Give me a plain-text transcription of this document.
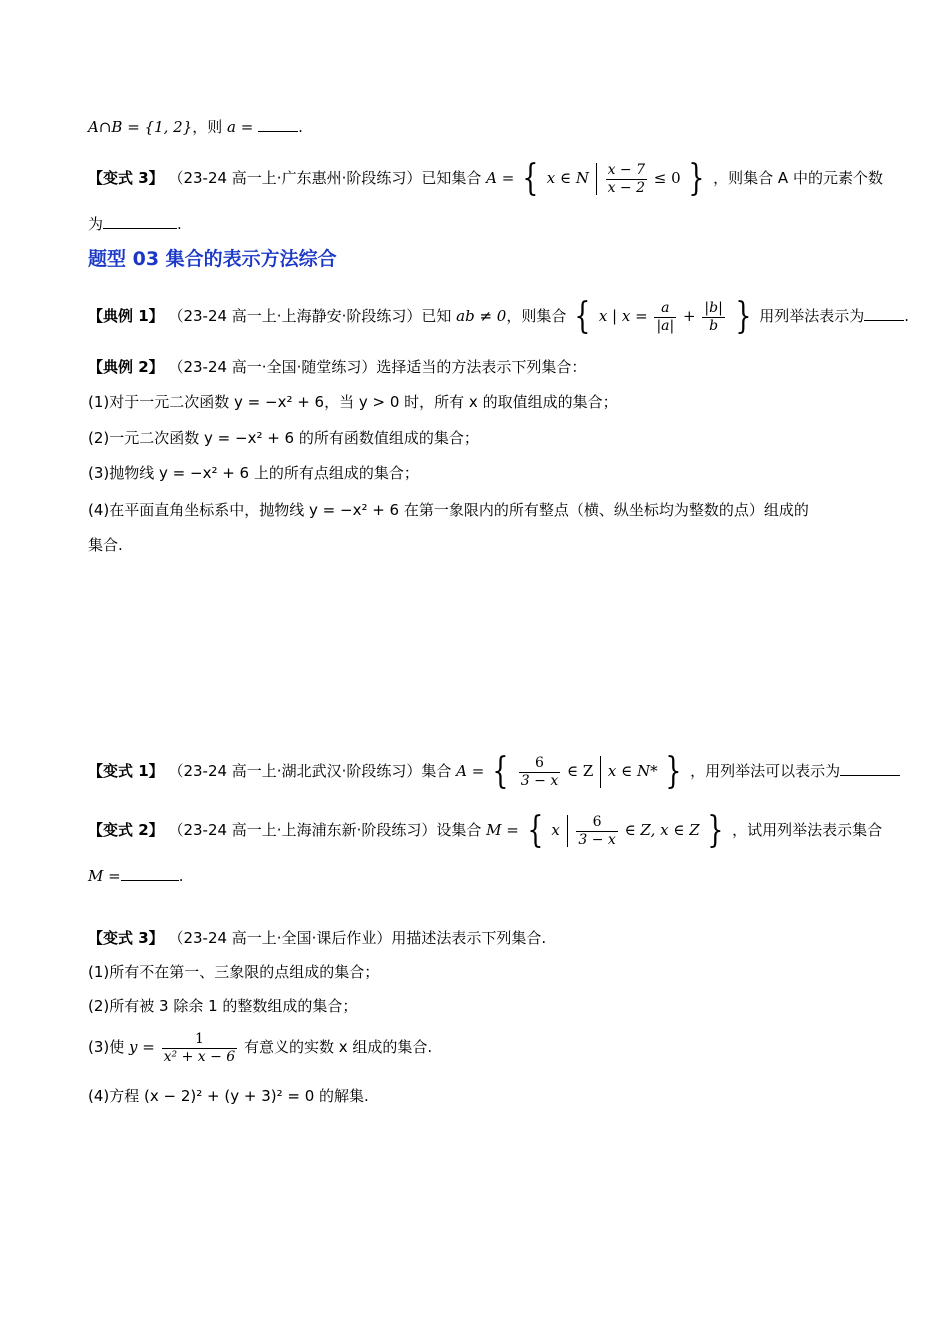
A∩B = {1, 2}，则 a =	.
【变式 3】 （23-24 高一上·广东惠州·阶段练习）已知集合 A = { x ∈ N $\frac{x - 7}{x - 2} \le 0$ } ，则集合 A 中的元素个数
为	.
题型 03 集合的表示方法综合
【典例 1】 （23-24 高一上·上海静安·阶段练习）已知 ab ≠ 0，则集合 { x | $x = \frac{a}{|a|} + \frac{|b|}{b}$ } 用列举法表示为	.
【典例 2】 （23-24 高一·全国·随堂练习）选择适当的方法表示下列集合：
(1)对于一元二次函数 y = −x² + 6，当 y > 0 时，所有 x 的取值组成的集合；
(2)一元二次函数 y = −x² + 6 的所有函数值组成的集合；
(3)抛物线 y = −x² + 6 上的所有点组成的集合；
(4)在平面直角坐标系中，抛物线 y = −x² + 6 在第一象限内的所有整点（横、纵坐标均为整数的点）组成的
集合.
【变式 1】 （23-24 高一上·湖北武汉·阶段练习）集合 A = { $\frac{6}{3 - x}$ ∈ Z x ∈ N* } ，用列举法可以表示为
【变式 2】 （23-24 高一上·上海浦东新·阶段练习）设集合 M = { x $\frac{6}{3 - x}$ ∈ Z, x ∈ Z } ，试用列举法表示集合
M =	.
【变式 3】 （23-24 高一上·全国·课后作业）用描述法表示下列集合.
(1)所有不在第一、三象限的点组成的集合；
(2)所有被 3 除余 1 的整数组成的集合；
(3)使 $y = \frac{1}{\text{x² + x − 6}}$ 有意义的实数 x 组成的集合.
(4)方程 (x − 2)² + (y + 3)² = 0 的解集.
